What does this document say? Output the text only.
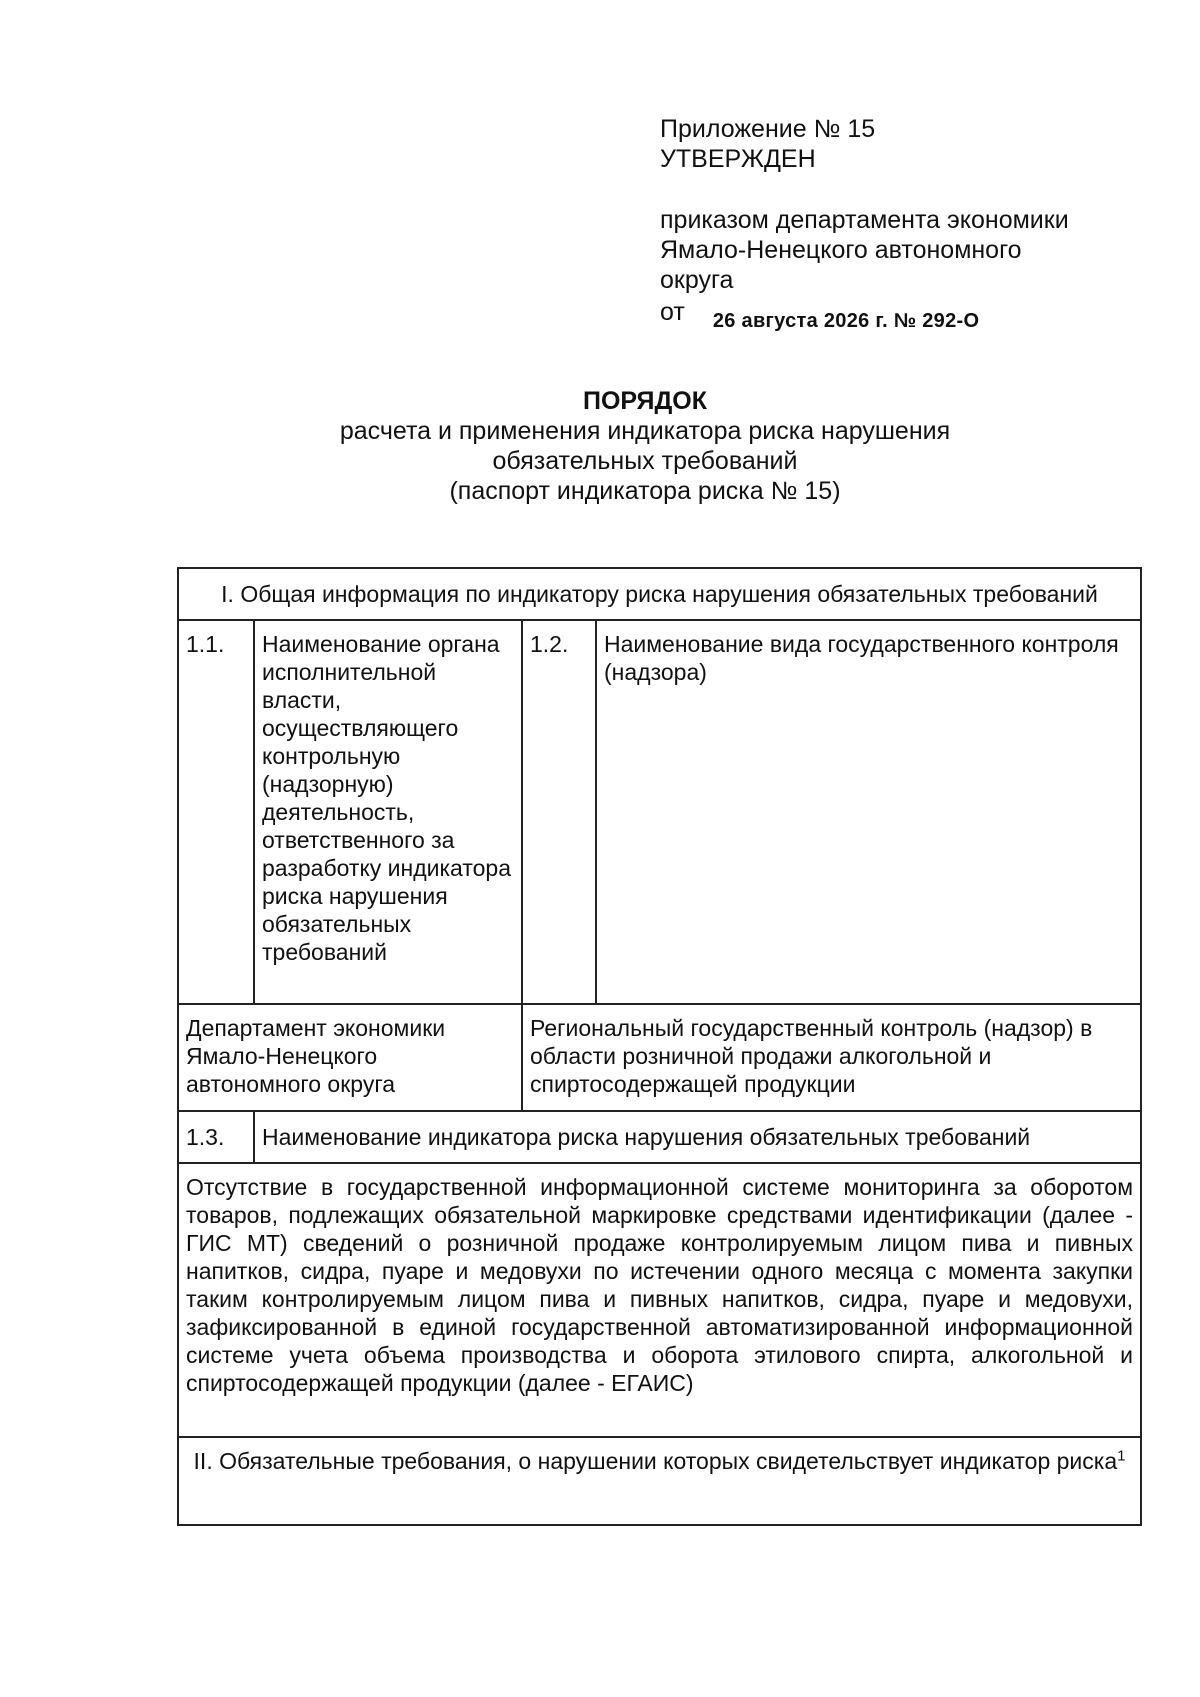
Приложение № 15
УТВЕРЖДЕН
приказом департамента экономики
Ямало-Ненецкого автономного
округа
от 26 августа 2026 г. № 292-О
ПОРЯДОК
расчета и применения индикатора риска нарушения
обязательных требований
(паспорт индикатора риска № 15)
I. Общая информация по индикатору риска нарушения обязательных требований			
1.1.	Наименование органа исполнительной власти, осуществляющего контрольную (надзорную) деятельность, ответственного за разработку индикатора риска нарушения обязательных требований	1.2.	Наименование вида государственного контроля (надзора)
Департамент экономики Ямало-Ненецкого автономного округа		Региональный государственный контроль (надзор) в области розничной продажи алкогольной и спиртосодержащей продукции	
1.3.	Наименование индикатора риска нарушения обязательных требований		
Отсутствие в государственной информационной системе мониторинга за оборотом товаров, подлежащих обязательной маркировке средствами идентификации (далее - ГИС МТ) сведений о розничной продаже контролируемым лицом пива и пивных напитков, сидра, пуаре и медовухи по истечении одного месяца с момента закупки таким контролируемым лицом пива и пивных напитков, сидра, пуаре и медовухи, зафиксированной в единой государственной автоматизированной информационной системе учета объема производства и оборота этилового спирта, алкогольной и спиртосодержащей продукции (далее - ЕГАИС)			
II. Обязательные требования, о нарушении которых свидетельствует индикатор риска$^1$
